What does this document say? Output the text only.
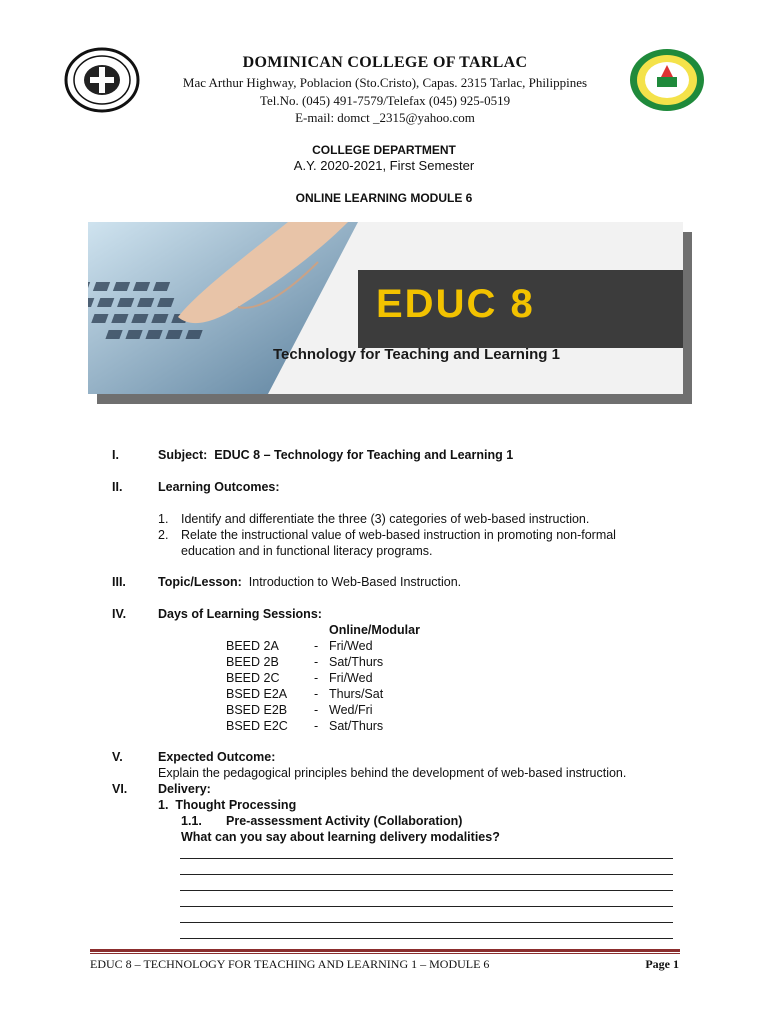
DOMINICAN COLLEGE OF TARLAC
Mac Arthur Highway, Poblacion (Sto.Cristo), Capas. 2315 Tarlac, Philippines
Tel.No. (045) 491-7579/Telefax (045) 925-0519
E-mail: domct _2315@yahoo.com
COLLEGE DEPARTMENT
A.Y. 2020-2021, First Semester
ONLINE LEARNING MODULE 6
EDUC 8
Technology for Teaching and Learning 1
I.	Subject: EDUC 8 – Technology for Teaching and Learning 1
II.	Learning Outcomes:
1. Identify and differentiate the three (3) categories of web-based instruction.
2. Relate the instructional value of web-based instruction in promoting non-formal
education and in functional literacy programs.
III.	Topic/Lesson: Introduction to Web-Based Instruction.
IV.	Days of Learning Sessions:
Online/Modular
BEED 2A	- Fri/Wed
BEED 2B	- Sat/Thurs
BEED 2C	- Fri/Wed
BSED E2A - Thurs/Sat
BSED E2B - Wed/Fri
BSED E2C - Sat/Thurs
V.	Expected Outcome:
Explain the pedagogical principles behind the development of web-based instruction.
VI. Delivery:
1.  Thought Processing
1.1. Pre-assessment Activity (Collaboration)
What can you say about learning delivery modalities?
EDUC 8 – TECHNOLOGY FOR TEACHING AND LEARNING 1 – MODULE 6	Page 1
